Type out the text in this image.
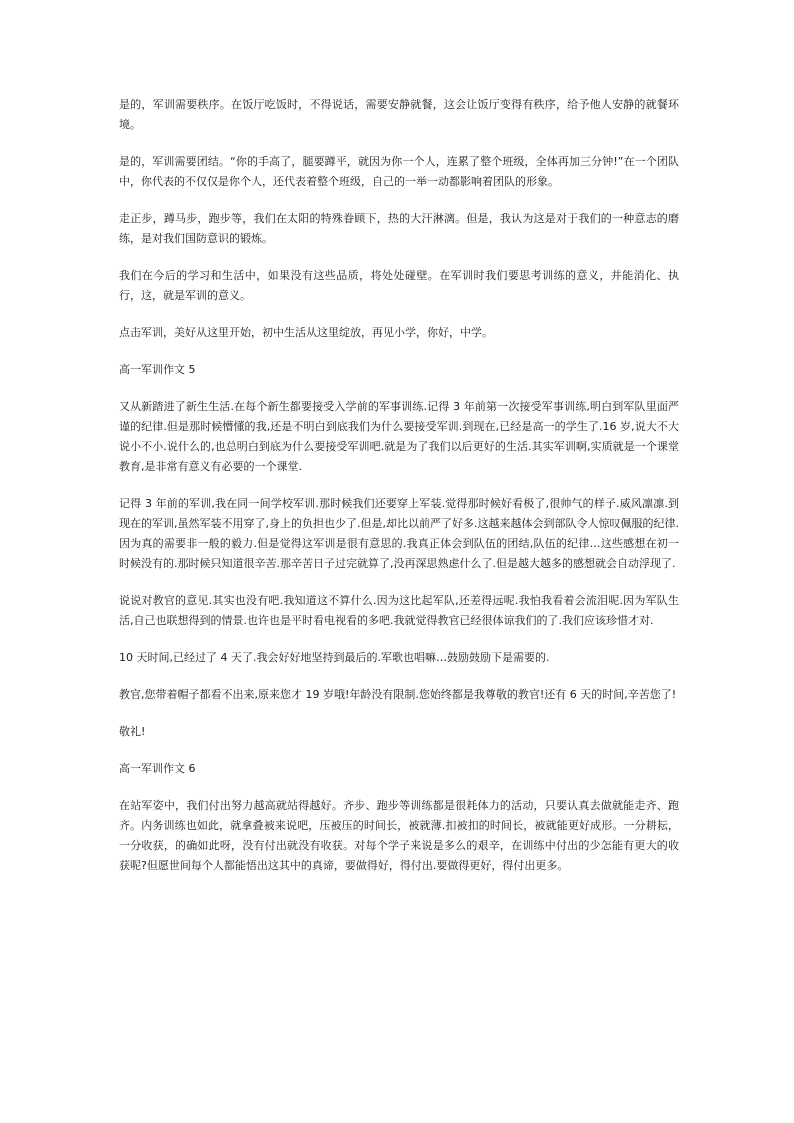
是的，军训需要秩序。在饭厅吃饭时，不得说话，需要安静就餐，这会让饭厅变得有秩序，给予他人安静的就餐环境。

是的，军训需要团结。“你的手高了，腿要蹲平，就因为你一个人，连累了整个班级，全体再加三分钟!”在一个团队中，你代表的不仅仅是你个人，还代表着整个班级，自己的一举一动都影响着团队的形象。

走正步，蹲马步，跑步等，我们在太阳的特殊眷顾下，热的大汗淋漓。但是，我认为这是对于我们的一种意志的磨练，是对我们国防意识的锻炼。

我们在今后的学习和生活中，如果没有这些品质，将处处碰壁。在军训时我们要思考训练的意义，并能消化、执行，这，就是军训的意义。

点击军训，美好从这里开始，初中生活从这里绽放，再见小学，你好，中学。

高一军训作文 5

又从新踏进了新生生活.在每个新生都要接受入学前的军事训练.记得 3 年前第一次接受军事训练,明白到军队里面严谨的纪律.但是那时候懵懂的我,还是不明白到底我们为什么要接受军训.到现在,已经是高一的学生了.16 岁,说大不大说小不小.说什么的,也总明白到底为什么要接受军训吧.就是为了我们以后更好的生活.其实军训啊,实质就是一个课堂教育,是非常有意义有必要的一个课堂.

记得 3 年前的军训,我在同一间学校军训.那时候我们还要穿上军装.觉得那时候好看极了,很帅气的样子.威风凛凛.到现在的军训,虽然军装不用穿了,身上的负担也少了.但是,却比以前严了好多.这越来越体会到部队令人惊叹佩服的纪律.因为真的需要非一般的毅力.但是觉得这军训是很有意思的.我真正体会到队伍的团结,队伍的纪律…这些感想在初一时候没有的.那时候只知道很辛苦.那辛苦日子过完就算了,没再深思熟虑什么了.但是越大越多的感想就会自动浮现了.

说说对教官的意见.其实也没有吧.我知道这不算什么.因为这比起军队,还差得远呢.我怕我看着会流泪呢.因为军队生活,自己也联想得到的情景.也许也是平时看电视看的多吧.我就觉得教官已经很体谅我们的了.我们应该珍惜才对.

10 天时间,已经过了 4 天了.我会好好地坚持到最后的.军歌也唱嘛…鼓励鼓励下是需要的.

教官,您带着帽子都看不出来,原来您才 19 岁哦!年龄没有限制.您始终都是我尊敬的教官!还有 6 天的时间,辛苦您了!

敬礼!

高一军训作文 6

在站军姿中，我们付出努力越高就站得越好。齐步、跑步等训练都是很耗体力的活动，只要认真去做就能走齐、跑齐。内务训练也如此，就拿叠被来说吧，压被压的时间长，被就薄.扣被扣的时间长，被就能更好成形。一分耕耘，一分收获，的确如此呀，没有付出就没有收获。对每个学子来说是多么的艰辛，在训练中付出的少怎能有更大的收获呢?但愿世间每个人都能悟出这其中的真谛，要做得好，得付出.要做得更好，得付出更多。
